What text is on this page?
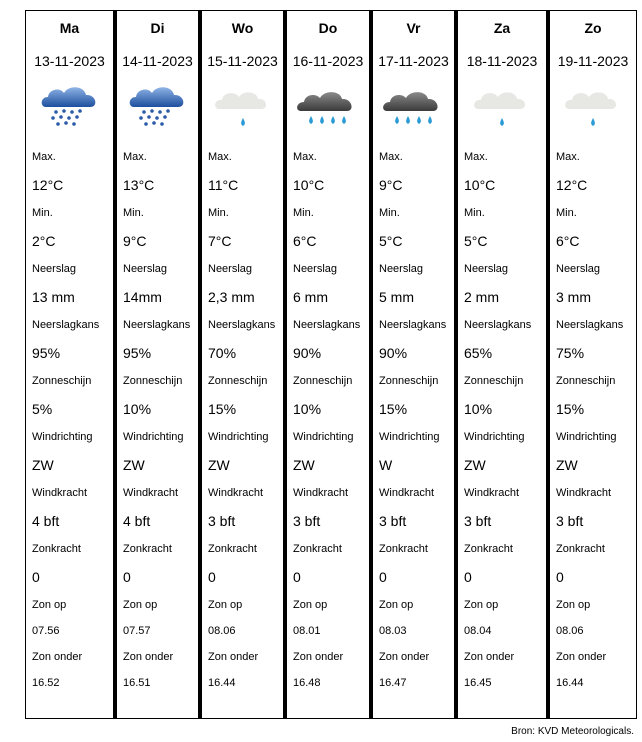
Ma
13-11-2023
Max.
12°C
Min.
2°C
Neerslag
13 mm
Neerslagkans
95%
Zonneschijn
5%
Windrichting
ZW
Windkracht
4 bft
Zonkracht
0
Zon op
07.56
Zon onder
16.52
Di
14-11-2023
Max.
13°C
Min.
9°C
Neerslag
14mm
Neerslagkans
95%
Zonneschijn
10%
Windrichting
ZW
Windkracht
4 bft
Zonkracht
0
Zon op
07.57
Zon onder
16.51
Wo
15-11-2023
Max.
11°C
Min.
7°C
Neerslag
2,3 mm
Neerslagkans
70%
Zonneschijn
15%
Windrichting
ZW
Windkracht
3 bft
Zonkracht
0
Zon op
08.06
Zon onder
16.44
Do
16-11-2023
Max.
10°C
Min.
6°C
Neerslag
6 mm
Neerslagkans
90%
Zonneschijn
10%
Windrichting
ZW
Windkracht
3 bft
Zonkracht
0
Zon op
08.01
Zon onder
16.48
Vr
17-11-2023
Max.
9°C
Min.
5°C
Neerslag
5 mm
Neerslagkans
90%
Zonneschijn
15%
Windrichting
W
Windkracht
3 bft
Zonkracht
0
Zon op
08.03
Zon onder
16.47
Za
18-11-2023
Max.
10°C
Min.
5°C
Neerslag
2 mm
Neerslagkans
65%
Zonneschijn
10%
Windrichting
ZW
Windkracht
3 bft
Zonkracht
0
Zon op
08.04
Zon onder
16.45
Zo
19-11-2023
Max.
12°C
Min.
6°C
Neerslag
3 mm
Neerslagkans
75%
Zonneschijn
15%
Windrichting
ZW
Windkracht
3 bft
Zonkracht
0
Zon op
08.06
Zon onder
16.44
Bron: KVD Meteorologicals.
